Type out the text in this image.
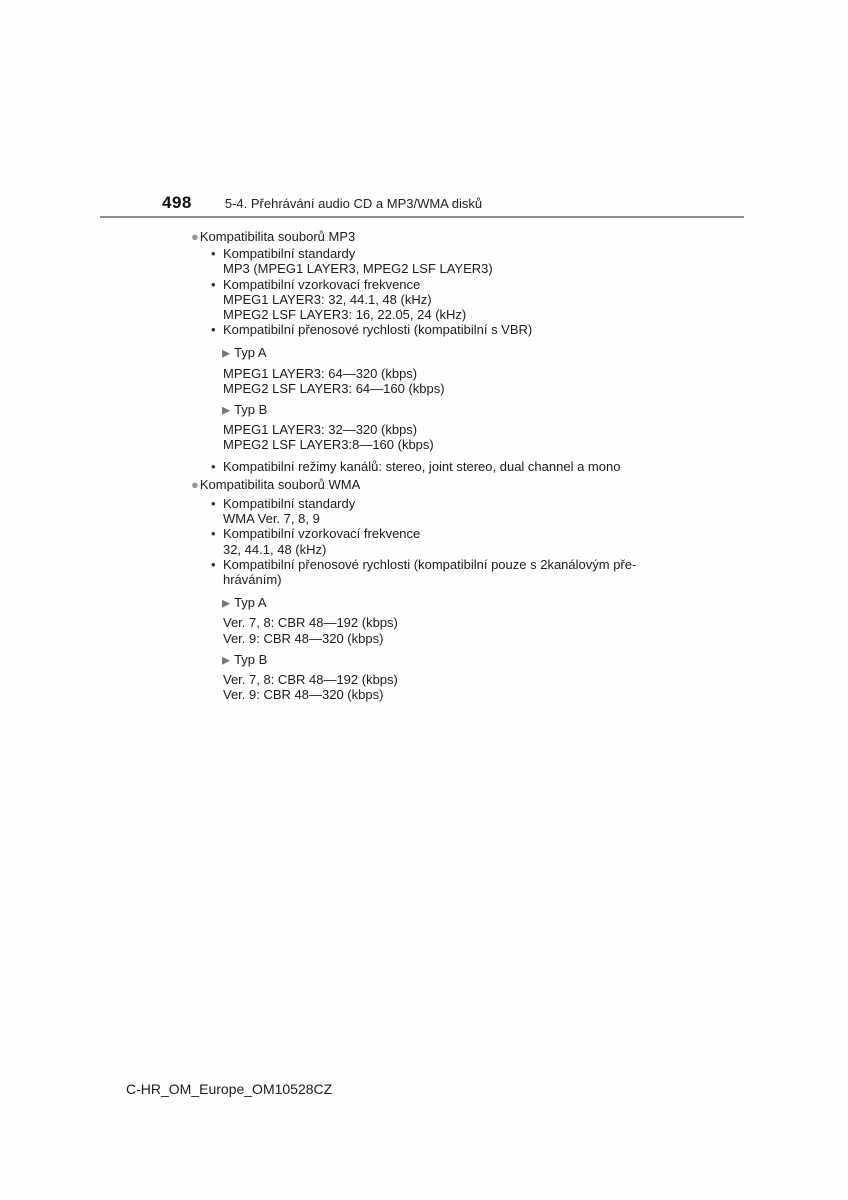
498	5-4. Přehrávání audio CD a MP3/WMA disků
●Kompatibilita souborů MP3
• Kompatibilní standardy
MP3 (MPEG1 LAYER3, MPEG2 LSF LAYER3)
• Kompatibilní vzorkovací frekvence
MPEG1 LAYER3: 32, 44.1, 48 (kHz)
MPEG2 LSF LAYER3: 16, 22.05, 24 (kHz)
• Kompatibilní přenosové rychlosti (kompatibilní s VBR)
▶ Typ A
MPEG1 LAYER3: 64—320 (kbps)
MPEG2 LSF LAYER3: 64—160 (kbps)
▶ Typ B
MPEG1 LAYER3: 32—320 (kbps)
MPEG2 LSF LAYER3:8—160 (kbps)
• Kompatibilní režimy kanálů: stereo, joint stereo, dual channel a mono
●Kompatibilita souborů WMA
• Kompatibilní standardy
WMA Ver. 7, 8, 9
• Kompatibilní vzorkovací frekvence
32, 44.1, 48 (kHz)
• Kompatibilní přenosové rychlosti (kompatibilní pouze s 2kanálovým pře-
hráváním)
▶ Typ A
Ver. 7, 8: CBR 48—192 (kbps)
Ver. 9: CBR 48—320 (kbps)
▶ Typ B
Ver. 7, 8: CBR 48—192 (kbps)
Ver. 9: CBR 48—320 (kbps)
C-HR_OM_Europe_OM10528CZ
